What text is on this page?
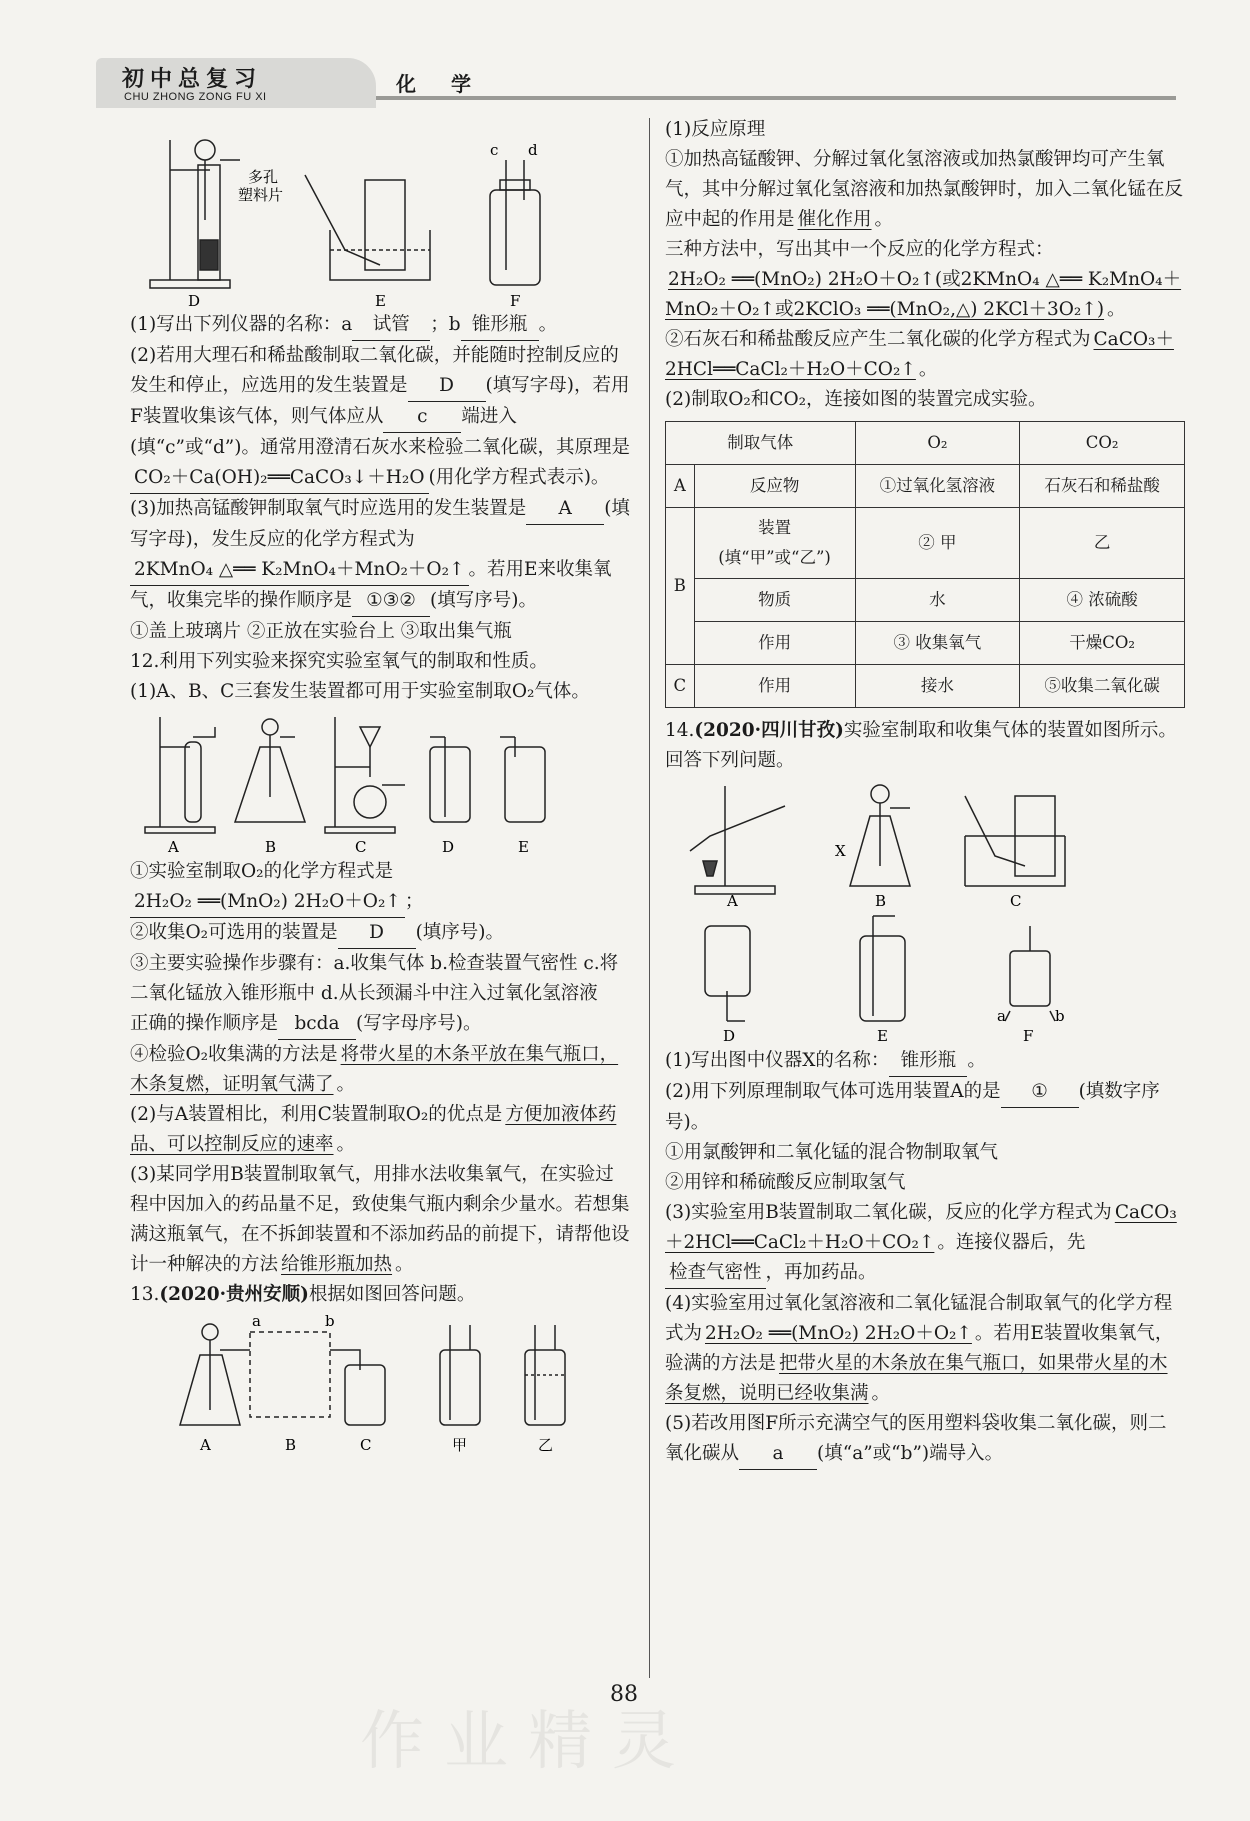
初中总复习
CHU ZHONG ZONG FU XI
化 学
多孔塑料片
c d
D	E	F

(1)写出下列仪器的名称：a 试管 ；b 锥形瓶 。

(2)若用大理石和稀盐酸制取二氧化碳，并能随时控制反应的发生和停止，应选用的发生装置是 D (填写字母)，若用F装置收集该气体，则气体应从 c 端进入(填“c”或“d”)。通常用澄清石灰水来检验二氧化碳，其原理是CO₂＋Ca(OH)₂══CaCO₃↓＋H₂O (用化学方程式表示)。

(3)加热高锰酸钾制取氧气时应选用的发生装置是 A (填写字母)，发生反应的化学方程式为2KMnO₄ △══ K₂MnO₄＋MnO₂＋O₂↑ 。若用E来收集氧气，收集完毕的操作顺序是 ①③② (填写序号)。

①盖上玻璃片 ②正放在实验台上 ③取出集气瓶

12.利用下列实验来探究实验室氧气的制取和性质。

(1)A、B、C三套发生装置都可用于实验室制取O₂气体。

A	B	C	D	E

①实验室制取O₂的化学方程式是2H₂O₂ ══(MnO₂) 2H₂O＋O₂↑ ；

②收集O₂可选用的装置是 D (填序号)。

③主要实验操作步骤有：a.收集气体 b.检查装置气密性 c.将二氧化锰放入锥形瓶中 d.从长颈漏斗中注入过氧化氢溶液

正确的操作顺序是 bcda (写字母序号)。

④检验O₂收集满的方法是 将带火星的木条平放在集气瓶口，木条复燃，证明氧气满了 。

(2)与A装置相比，利用C装置制取O₂的优点是 方便加液体药品、可以控制反应的速率 。

(3)某同学用B装置制取氧气，用排水法收集氧气，在实验过程中因加入的药品量不足，致使集气瓶内剩余少量水。若想集满这瓶氧气，在不拆卸装置和不添加药品的前提下，请帮他设计一种解决的方法 给锥形瓶加热 。

13.(2020·贵州安顺)根据如图回答问题。

a	b
A	B	C	甲	乙

(1)反应原理

①加热高锰酸钾、分解过氧化氢溶液或加热氯酸钾均可产生氧气，其中分解过氧化氢溶液和加热氯酸钾时，加入二氧化锰在反应中起的作用是 催化作用 。

三种方法中，写出其中一个反应的化学方程式：

2H₂O₂ ══(MnO₂) 2H₂O＋O₂↑(或2KMnO₄ △══ K₂MnO₄＋MnO₂＋O₂↑或2KClO₃ ══(MnO₂,△) 2KCl＋3O₂↑) 。

②石灰石和稀盐酸反应产生二氧化碳的化学方程式为 CaCO₃＋2HCl══CaCl₂＋H₂O＋CO₂↑ 。

(2)制取O₂和CO₂，连接如图的装置完成实验。

制取气体		O₂	CO₂
A	反应物	①过氧化氢溶液	石灰石和稀盐酸
B	装置
(填“甲”或“乙”)	② 甲	乙
	物质	水	④ 浓硫酸
	作用	③ 收集氧气	干燥CO₂
C	作用	接水	⑤收集二氧化碳

14.(2020·四川甘孜)实验室制取和收集气体的装置如图所示。回答下列问题。

X
A	B	C
D	E	F
a	b

(1)写出图中仪器X的名称： 锥形瓶 。

(2)用下列原理制取气体可选用装置A的是 ① (填数字序号)。

①用氯酸钾和二氧化锰的混合物制取氧气

②用锌和稀硫酸反应制取氢气

(3)实验室用B装置制取二氧化碳，反应的化学方程式为 CaCO₃＋2HCl══CaCl₂＋H₂O＋CO₂↑ 。连接仪器后，先检查气密性 ，再加药品。

(4)实验室用过氧化氢溶液和二氧化锰混合制取氧气的化学方程式为 2H₂O₂ ══(MnO₂) 2H₂O＋O₂↑ 。若用E装置收集氧气，验满的方法是 把带火星的木条放在集气瓶口，如果带火星的木条复燃，说明已经收集满 。

(5)若改用图F所示充满空气的医用塑料袋收集二氧化碳，则二氧化碳从 a (填“a”或“b”)端导入。

作业精灵
88
